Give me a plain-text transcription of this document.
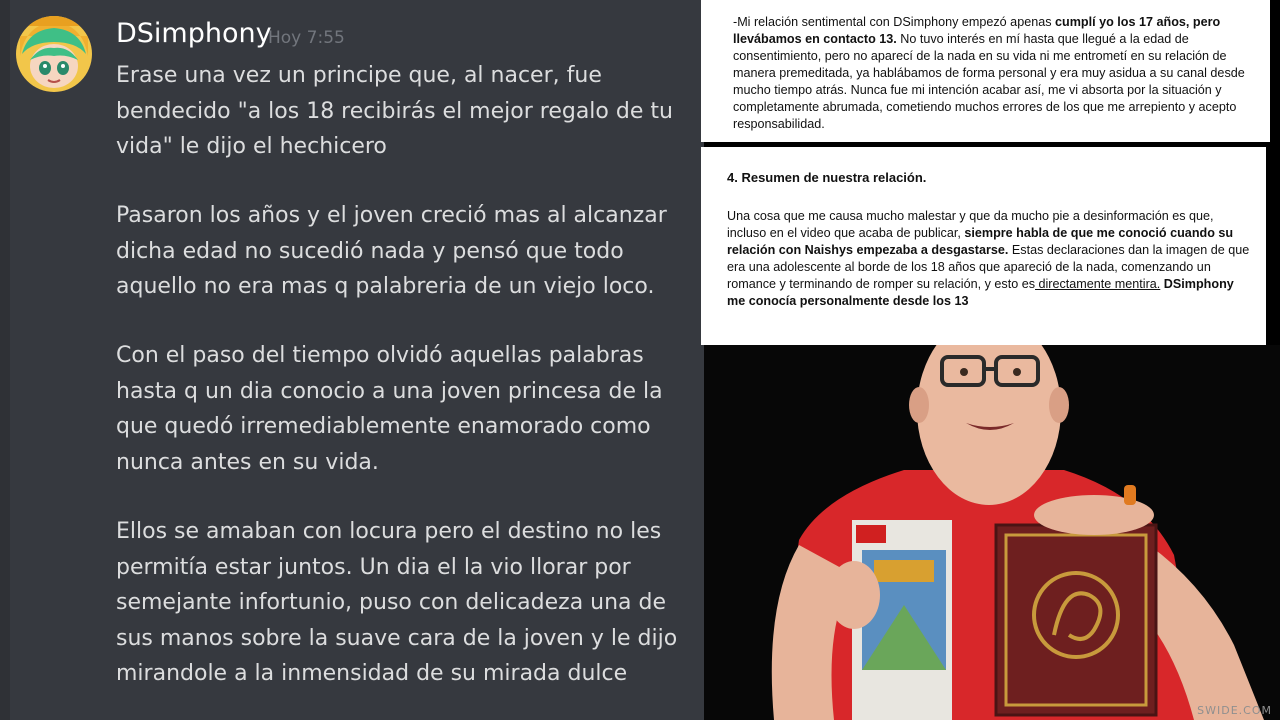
DSimphony
Hoy 7:55

Erase una vez un principe que, al nacer, fue bendecido "a los 18 recibirás el mejor regalo de tu vida" le dijo el hechicero

Pasaron los años y el joven creció mas al alcanzar dicha edad no sucedió nada y pensó que todo aquello no era mas q palabreria de un viejo loco.

Con el paso del tiempo olvidó aquellas palabras hasta q un dia conocio a una joven princesa de la que quedó irremediablemente enamorado como nunca antes en su vida.

Ellos se amaban con locura pero el destino no les permitía estar juntos. Un dia el la vio llorar por semejante infortunio, puso con delicadeza una de sus manos sobre la suave cara de la joven y le dijo mirandole a la inmensidad de su mirada dulce

-Mi relación sentimental con DSimphony empezó apenas cumplí yo los 17 años, pero llevábamos en contacto 13. No tuvo interés en mí hasta que llegué a la edad de consentimiento, pero no aparecí de la nada en su vida ni me entrometí en su relación de manera premeditada, ya hablábamos de forma personal y era muy asidua a su canal desde mucho tiempo atrás. Nunca fue mi intención acabar así, me vi absorta por la situación y completamente abrumada, cometiendo muchos errores de los que me arrepiento y acepto responsabilidad.

4. Resumen de nuestra relación.

Una cosa que me causa mucho malestar y que da mucho pie a desinformación es que, incluso en el video que acaba de publicar, siempre habla de que me conoció cuando su relación con Naishys empezaba a desgastarse. Estas declaraciones dan la imagen de que era una adolescente al borde de los 18 años que apareció de la nada, comenzando un romance y terminando de romper su relación, y esto es directamente mentira. DSimphony me conocía personalmente desde los 13

SWIDE.COM
